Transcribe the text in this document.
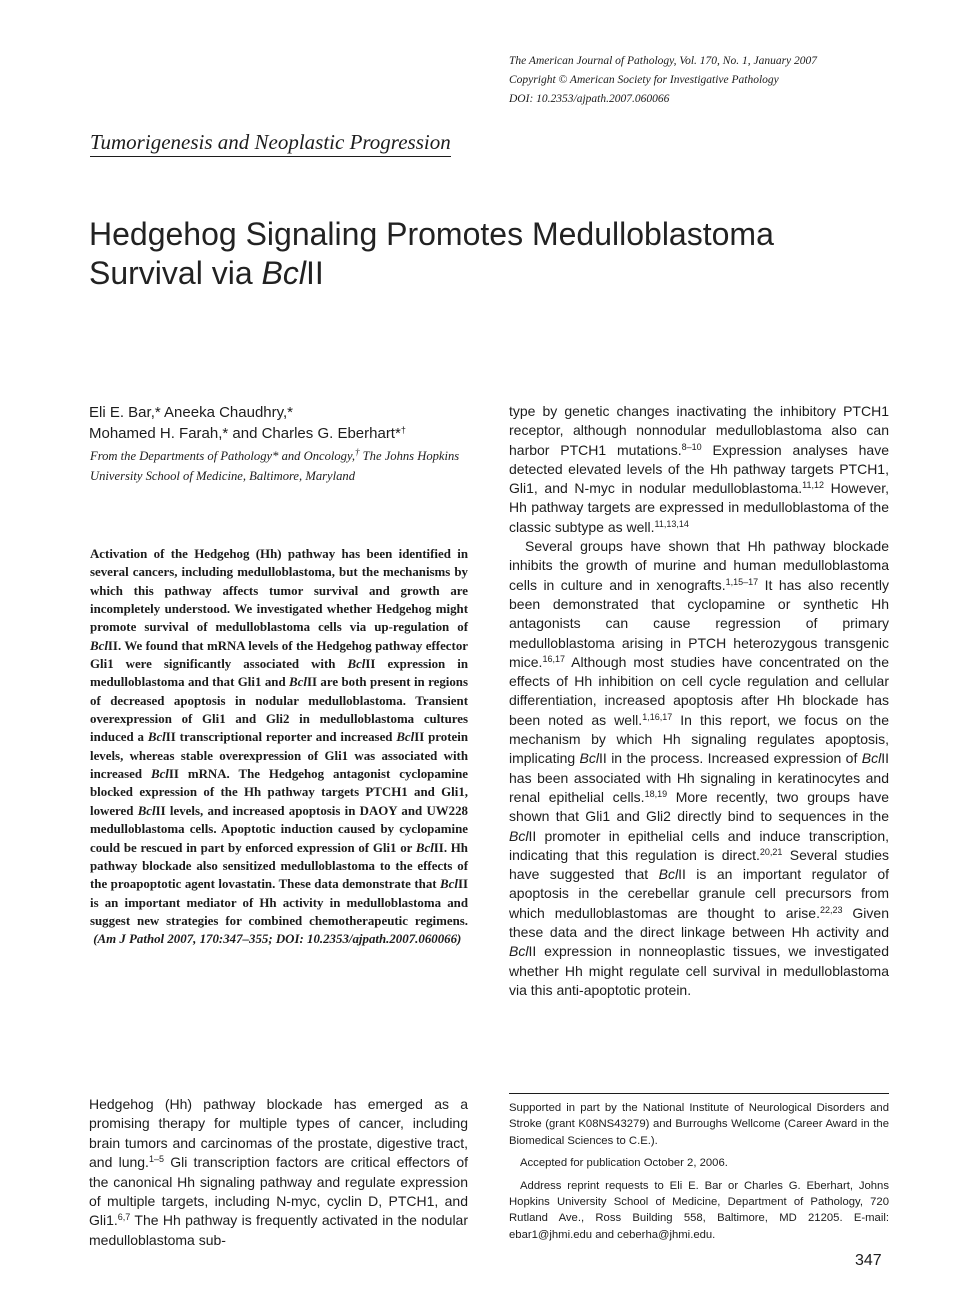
The American Journal of Pathology, Vol. 170, No. 1, January 2007
Copyright © American Society for Investigative Pathology
DOI: 10.2353/ajpath.2007.060066
Tumorigenesis and Neoplastic Progression
Hedgehog Signaling Promotes Medulloblastoma
Survival via BclII
Eli E. Bar,* Aneeka Chaudhry,*
Mohamed H. Farah,* and Charles G. Eberhart*†
From the Departments of Pathology* and Oncology,† The Johns Hopkins University School of Medicine, Baltimore, Maryland
Activation of the Hedgehog (Hh) pathway has been identified in several cancers, including medulloblastoma, but the mechanisms by which this pathway affects tumor survival and growth are incompletely understood. We investigated whether Hedgehog might promote survival of medulloblastoma cells via up-regulation of BclII. We found that mRNA levels of the Hedgehog pathway effector Gli1 were significantly associated with BclII expression in medulloblastoma and that Gli1 and BclII are both present in regions of decreased apoptosis in nodular medulloblastoma. Transient overexpression of Gli1 and Gli2 in medulloblastoma cultures induced a BclII transcriptional reporter and increased BclII protein levels, whereas stable overexpression of Gli1 was associated with increased BclII mRNA. The Hedgehog antagonist cyclopamine blocked expression of the Hh pathway targets PTCH1 and Gli1, lowered BclII levels, and increased apoptosis in DAOY and UW228 medulloblastoma cells. Apoptotic induction caused by cyclopamine could be rescued in part by enforced expression of Gli1 or BclII. Hh pathway blockade also sensitized medulloblastoma to the effects of the proapoptotic agent lovastatin. These data demonstrate that BclII is an important mediator of Hh activity in medulloblastoma and suggest new strategies for combined chemotherapeutic regimens.  (Am J Pathol 2007, 170:347–355; DOI: 10.2353/ajpath.2007.060066)

Hedgehog (Hh) pathway blockade has emerged as a promising therapy for multiple types of cancer, including brain tumors and carcinomas of the prostate, digestive tract, and lung.$^{1-5}$ Gli transcription factors are critical effectors of the canonical Hh signaling pathway and regulate expression of multiple targets, including N-myc, cyclin D, PTCH1, and Gli1.$^{6,7}$ The Hh pathway is frequently activated in the nodular medulloblastoma sub-

type by genetic changes inactivating the inhibitory PTCH1 receptor, although nonnodular medulloblastoma also can harbor PTCH1 mutations.$^{8-10}$ Expression analyses have detected elevated levels of the Hh pathway targets PTCH1, Gli1, and N-myc in nodular medulloblastoma.$^{11,12}$ However, Hh pathway targets are expressed in medulloblastoma of the classic subtype as well.$^{11,13,14}$

Several groups have shown that Hh pathway blockade inhibits the growth of murine and human medulloblastoma cells in culture and in xenografts.$^{1,15-17}$ It has also recently been demonstrated that cyclopamine or synthetic Hh antagonists can cause regression of primary medulloblastoma arising in PTCH heterozygous transgenic mice.$^{16,17}$ Although most studies have concentrated on the effects of Hh inhibition on cell cycle regulation and cellular differentiation, increased apoptosis after Hh blockade has been noted as well.$^{1,16,17}$ In this report, we focus on the mechanism by which Hh signaling regulates apoptosis, implicating BclII in the process. Increased expression of BclII has been associated with Hh signaling in keratinocytes and renal epithelial cells.$^{18,19}$ More recently, two groups have shown that Gli1 and Gli2 directly bind to sequences in the BclII promoter in epithelial cells and induce transcription, indicating that this regulation is direct.$^{20,21}$ Several studies have suggested that BclII is an important regulator of apoptosis in the cerebellar granule cell precursors from which medulloblastomas are thought to arise.$^{22,23}$ Given these data and the direct linkage between Hh activity and BclII expression in nonneoplastic tissues, we investigated whether Hh might regulate cell survival in medulloblastoma via this anti-apoptotic protein.

Supported in part by the National Institute of Neurological Disorders and Stroke (grant K08NS43279) and Burroughs Wellcome (Career Award in the Biomedical Sciences to C.E.).

Accepted for publication October 2, 2006.

Address reprint requests to Eli E. Bar or Charles G. Eberhart, Johns Hopkins University School of Medicine, Department of Pathology, 720 Rutland Ave., Ross Building 558, Baltimore, MD 21205. E-mail: ebar1@jhmi.edu and ceberha@jhmi.edu.

347
